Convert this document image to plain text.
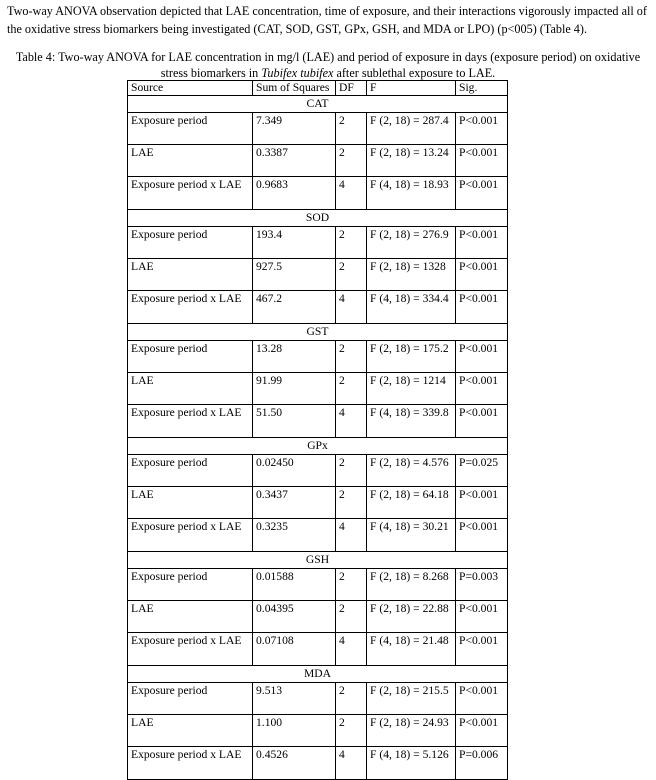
Two-way ANOVA observation depicted that LAE concentration, time of exposure, and their interactions vigorously impacted all of the oxidative stress biomarkers being investigated (CAT, SOD, GST, GPx, GSH, and MDA or LPO) (p<005) (Table 4).

Table 4: Two-way ANOVA for LAE concentration in mg/l (LAE) and period of exposure in days (exposure period) on oxidative stress biomarkers in Tubifex tubifex after sublethal exposure to LAE.

Source	Sum of Squares	DF	F	Sig.
CAT				
Exposure period	7.349	2	F (2, 18) = 287.4	P<0.001
LAE	0.3387	2	F (2, 18) = 13.24	P<0.001
Exposure period x LAE	0.9683	4	F (4, 18) = 18.93	P<0.001
SOD				
Exposure period	193.4	2	F (2, 18) = 276.9	P<0.001
LAE	927.5	2	F (2, 18) = 1328	P<0.001
Exposure period x LAE	467.2	4	F (4, 18) = 334.4	P<0.001
GST				
Exposure period	13.28	2	F (2, 18) = 175.2	P<0.001
LAE	91.99	2	F (2, 18) = 1214	P<0.001
Exposure period x LAE	51.50	4	F (4, 18) = 339.8	P<0.001
GPx				
Exposure period	0.02450	2	F (2, 18) = 4.576	P=0.025
LAE	0.3437	2	F (2, 18) = 64.18	P<0.001
Exposure period x LAE	0.3235	4	F (4, 18) = 30.21	P<0.001
GSH				
Exposure period	0.01588	2	F (2, 18) = 8.268	P=0.003
LAE	0.04395	2	F (2, 18) = 22.88	P<0.001
Exposure period x LAE	0.07108	4	F (4, 18) = 21.48	P<0.001
MDA				
Exposure period	9.513	2	F (2, 18) = 215.5	P<0.001
LAE	1.100	2	F (2, 18) = 24.93	P<0.001
Exposure period x LAE	0.4526	4	F (4, 18) = 5.126	P=0.006
